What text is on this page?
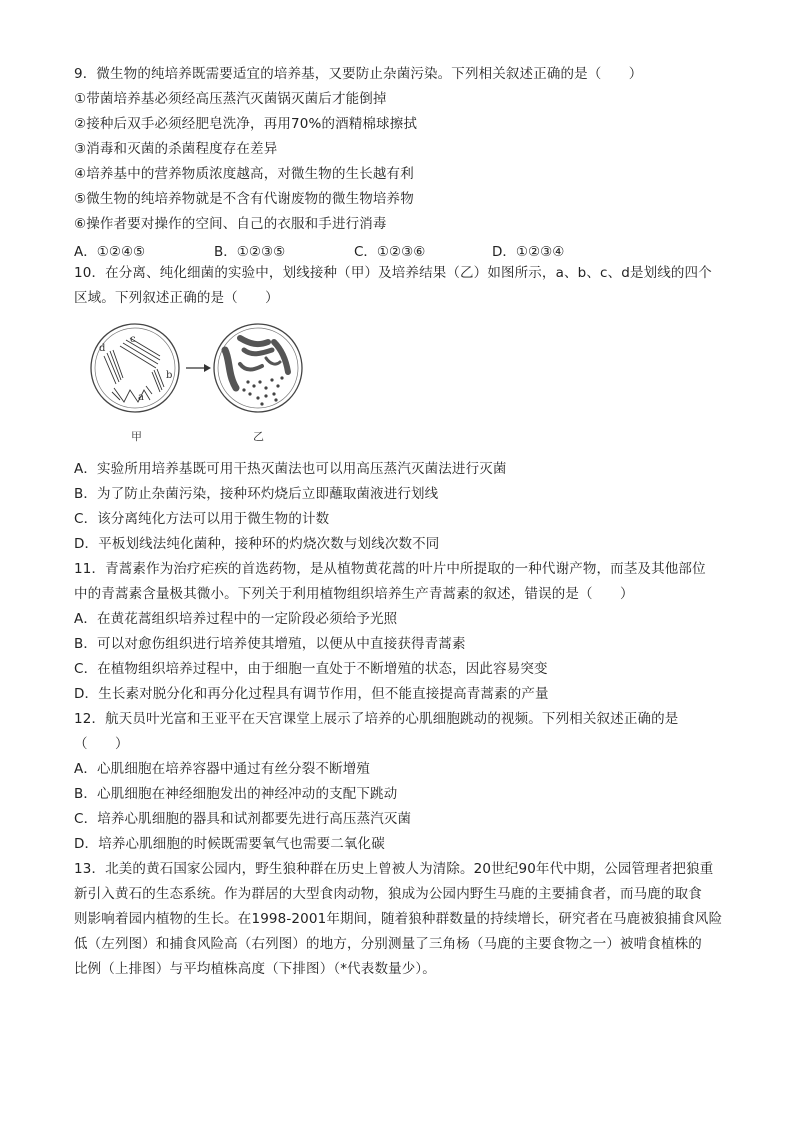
9．微生物的纯培养既需要适宜的培养基，又要防止杂菌污染。下列相关叙述正确的是（　　）
①带菌培养基必须经高压蒸汽灭菌锅灭菌后才能倒掉
②接种后双手必须经肥皂洗净，再用70%的酒精棉球擦拭
③消毒和灭菌的杀菌程度存在差异
④培养基中的营养物质浓度越高，对微生物的生长越有利
⑤微生物的纯培养物就是不含有代谢废物的微生物培养物
⑥操作者要对操作的空间、自己的衣服和手进行消毒
A．①②④⑤	B．①②③⑤	C．①②③⑥	D．①②③④
10．在分离、纯化细菌的实验中，划线接种（甲）及培养结果（乙）如图所示，a、b、c、d是划线的四个
区域。下列叙述正确的是（　　）
d
c
b
a
甲	乙
A．实验所用培养基既可用干热灭菌法也可以用高压蒸汽灭菌法进行灭菌
B．为了防止杂菌污染，接种环灼烧后立即蘸取菌液进行划线
C．该分离纯化方法可以用于微生物的计数
D．平板划线法纯化菌种，接种环的灼烧次数与划线次数不同
11．青蒿素作为治疗疟疾的首选药物，是从植物黄花蒿的叶片中所提取的一种代谢产物，而茎及其他部位
中的青蒿素含量极其微小。下列关于利用植物组织培养生产青蒿素的叙述，错误的是（　　）
A．在黄花蒿组织培养过程中的一定阶段必须给予光照
B．可以对愈伤组织进行培养使其增殖，以便从中直接获得青蒿素
C．在植物组织培养过程中，由于细胞一直处于不断增殖的状态，因此容易突变
D．生长素对脱分化和再分化过程具有调节作用，但不能直接提高青蒿素的产量
12．航天员叶光富和王亚平在天宫课堂上展示了培养的心肌细胞跳动的视频。下列相关叙述正确的是
（　　）
A．心肌细胞在培养容器中通过有丝分裂不断增殖
B．心肌细胞在神经细胞发出的神经冲动的支配下跳动
C．培养心肌细胞的器具和试剂都要先进行高压蒸汽灭菌
D．培养心肌细胞的时候既需要氧气也需要二氧化碳
13．北美的黄石国家公园内，野生狼种群在历史上曾被人为清除。20世纪90年代中期，公园管理者把狼重
新引入黄石的生态系统。作为群居的大型食肉动物，狼成为公园内野生马鹿的主要捕食者，而马鹿的取食
则影响着园内植物的生长。在1998-2001年期间，随着狼种群数量的持续增长，研究者在马鹿被狼捕食风险
低（左列图）和捕食风险高（右列图）的地方，分别测量了三角杨（马鹿的主要食物之一）被啃食植株的
比例（上排图）与平均植株高度（下排图）（*代表数量少）。
